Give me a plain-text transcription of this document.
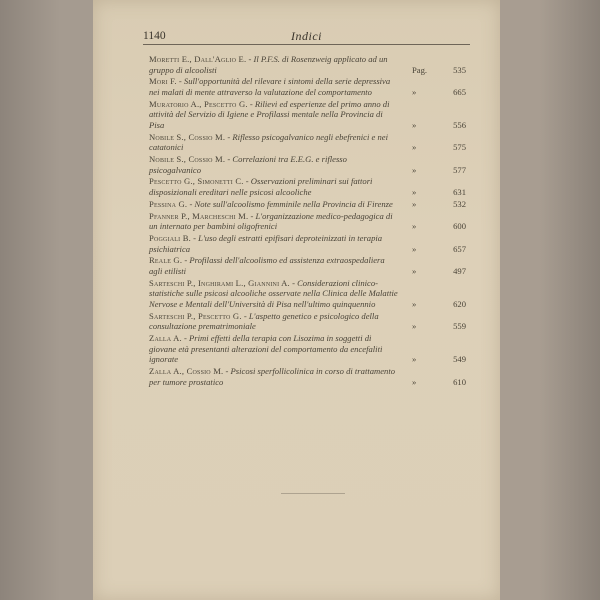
1140	Indici
Moretti E., Dall'Aglio E. - Il P.F.S. di Rosenzweig applicato ad un gruppo di alcoolisti	Pag.	535
Mori F. - Sull'opportunità del rilevare i sintomi della serie depressiva nei malati di mente attraverso la valutazione del comportamento	»	665
Muratorio A., Pescetto G. - Rilievi ed esperienze del primo anno di attività del Servizio di Igiene e Profilassi mentale nella Provincia di Pisa	»	556
Nobile S., Cossio M. - Riflesso psicogalvanico negli ebefrenici e nei catatonici	»	575
Nobile S., Cossio M. - Correlazioni tra E.E.G. e riflesso psicogalvanico	»	577
Pescetto G., Simonetti C. - Osservazioni preliminari sui fattori disposizionali ereditari nelle psicosi alcooliche	»	631
Pessina G. - Note sull'alcoolismo femminile nella Provincia di Firenze »	532
Pfanner P., Marcheschi M. - L'organizzazione medico-pedagogica di un internato per bambini oligofrenici	»	600
Poggiali B. - L'uso degli estratti epifisari deproteinizzati in terapia psichiatrica	»	657
Reale G. - Profilassi dell'alcoolismo ed assistenza extraospedaliera agli etilisti	»	497
Sarteschi P., Inghirami L., Giannini A. - Considerazioni clinico-statistiche sulle psicosi alcooliche osservate nella Clinica delle Malattie Nervose e Mentali dell'Università di Pisa nell'ultimo quinquennio	»	620
Sarteschi P., Pescetto G. - L'aspetto genetico e psicologico della consultazione prematrimoniale	»	559
Zalla A. - Primi effetti della terapia con Lisozima in soggetti di giovane età presentanti alterazioni del comportamento da encefaliti ignorate	»	549
Zalla A., Cossio M. - Psicosi sperfollicolinica in corso di trattamento per tumore prostatico	»	610
